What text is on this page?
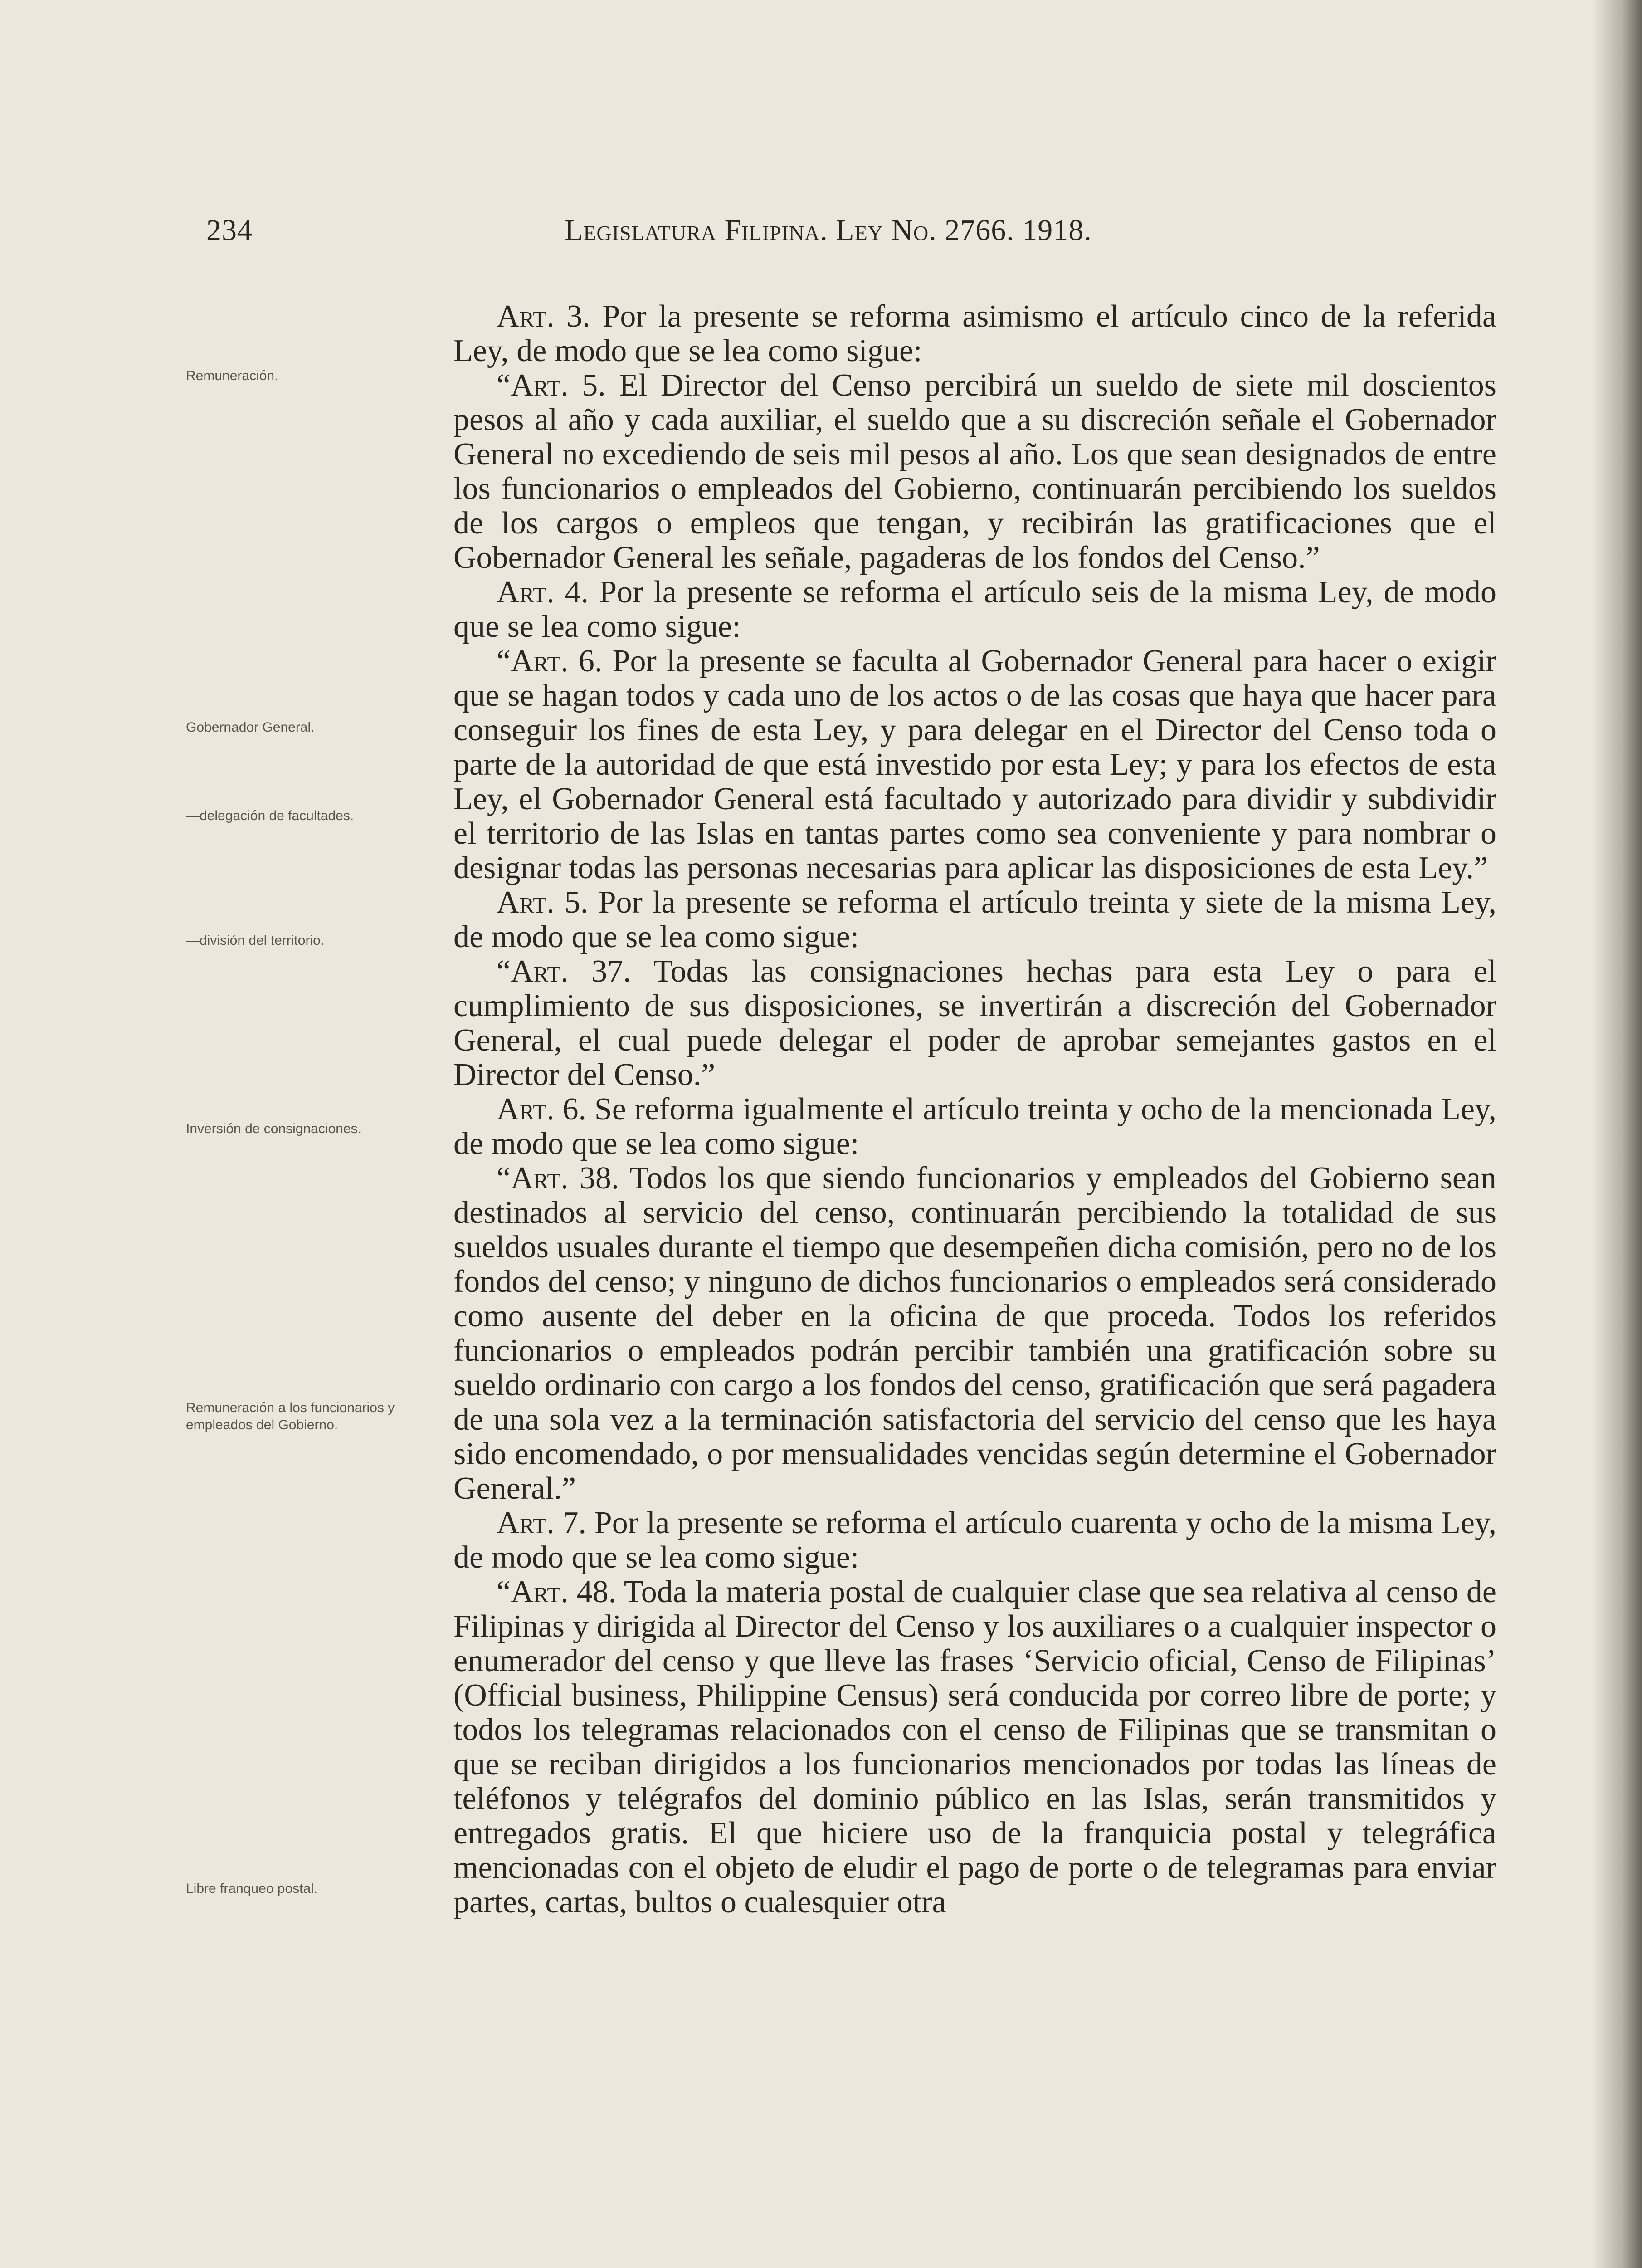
234	Legislatura Filipina. Ley No. 2766. 1918.
Remuneración.
Gobernador General.
—delegación de facultades.
—división del territorio.
Inversión de consignaciones.
Remuneración a los funcionarios y empleados del Gobierno.
Libre franqueo postal.

Art. 3. Por la presente se reforma asimismo el artículo cinco de la referida Ley, de modo que se lea como sigue:

“Art. 5. El Director del Censo percibirá un sueldo de siete mil doscientos pesos al año y cada auxiliar, el sueldo que a su discreción señale el Gobernador General no excediendo de seis mil pesos al año. Los que sean designados de entre los funcionarios o empleados del Gobierno, continuarán percibiendo los sueldos de los cargos o empleos que tengan, y recibirán las gratificaciones que el Gobernador General les señale, pagaderas de los fondos del Censo.”

Art. 4. Por la presente se reforma el artículo seis de la misma Ley, de modo que se lea como sigue:

“Art. 6. Por la presente se faculta al Gobernador General para hacer o exigir que se hagan todos y cada uno de los actos o de las cosas que haya que hacer para conseguir los fines de esta Ley, y para delegar en el Director del Censo toda o parte de la autoridad de que está investido por esta Ley; y para los efectos de esta Ley, el Gobernador General está facultado y autorizado para dividir y subdividir el territorio de las Islas en tantas partes como sea conveniente y para nombrar o designar todas las personas necesarias para aplicar las disposiciones de esta Ley.”

Art. 5. Por la presente se reforma el artículo treinta y siete de la misma Ley, de modo que se lea como sigue:

“Art. 37. Todas las consignaciones hechas para esta Ley o para el cumplimiento de sus disposiciones, se invertirán a discreción del Gobernador General, el cual puede delegar el poder de aprobar semejantes gastos en el Director del Censo.”

Art. 6. Se reforma igualmente el artículo treinta y ocho de la mencionada Ley, de modo que se lea como sigue:

“Art. 38. Todos los que siendo funcionarios y empleados del Gobierno sean destinados al servicio del censo, continuarán percibiendo la totalidad de sus sueldos usuales durante el tiempo que desempeñen dicha comisión, pero no de los fondos del censo; y ninguno de dichos funcionarios o empleados será considerado como ausente del deber en la oficina de que proceda. Todos los referidos funcionarios o empleados podrán percibir también una gratificación sobre su sueldo ordinario con cargo a los fondos del censo, gratificación que será pagadera de una sola vez a la terminación satisfactoria del servicio del censo que les haya sido encomendado, o por mensualidades vencidas según determine el Gobernador General.”

Art. 7. Por la presente se reforma el artículo cuarenta y ocho de la misma Ley, de modo que se lea como sigue:

“Art. 48. Toda la materia postal de cualquier clase que sea relativa al censo de Filipinas y dirigida al Director del Censo y los auxiliares o a cualquier inspector o enumerador del censo y que lleve las frases ‘Servicio oficial, Censo de Filipinas’ (Official business, Philippine Census) será conducida por correo libre de porte; y todos los telegramas relacionados con el censo de Filipinas que se transmitan o que se reciban dirigidos a los funcionarios mencionados por todas las líneas de teléfonos y telégrafos del dominio público en las Islas, serán transmitidos y entregados gratis. El que hiciere uso de la franquicia postal y telegráfica mencionadas con el objeto de eludir el pago de porte o de telegramas para enviar partes, cartas, bultos o cualesquier otra
